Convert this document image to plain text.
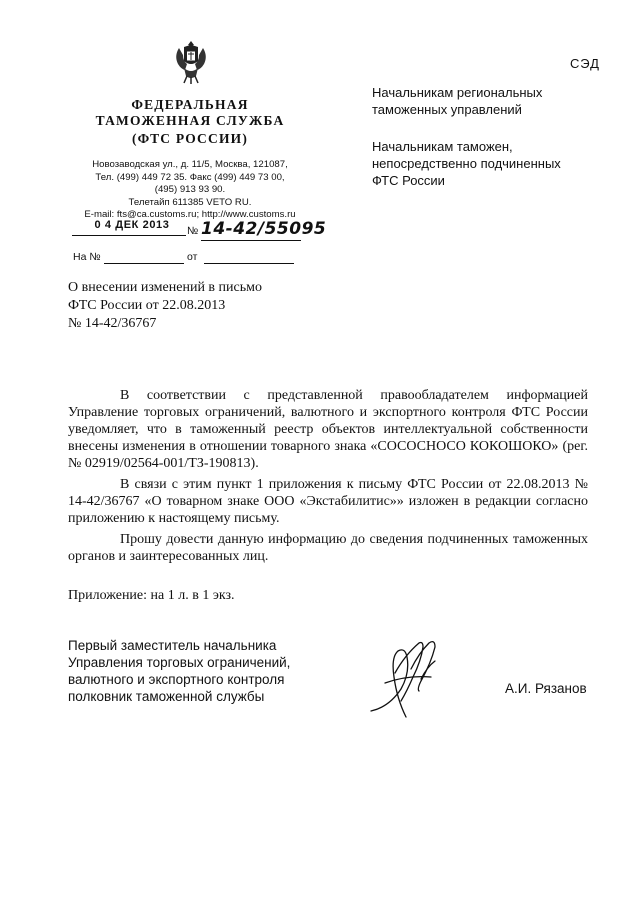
СЭД
ФЕДЕРАЛЬНАЯ
ТАМОЖЕННАЯ СЛУЖБА
(ФТС РОССИИ)
Новозаводская ул., д. 11/5, Москва, 121087,
Тел. (499) 449 72 35. Факс (499) 449 73 00,
(495) 913 93 90.
Телетайп 611385 VETO RU.
E-mail: fts@ca.customs.ru; http://www.customs.ru
0 4 ДЕК 2013	№ 14-42/55095
На №	от
Начальникам региональных
таможенных управлений
Начальникам таможен,
непосредственно подчиненных
ФТС России
О внесении изменений в письмо
ФТС России от 22.08.2013
№ 14-42/36767

В соответствии с представленной правообладателем информацией Управление торговых ограничений, валютного и экспортного контроля ФТС России уведомляет, что в таможенный реестр объектов интеллектуальной собственности внесены изменения в отношении товарного знака «СОСОСНОСО КОКОШОКО» (рег. № 02919/02564-001/ТЗ-190813).

В связи с этим пункт 1 приложения к письму ФТС России от 22.08.2013 № 14-42/36767 «О товарном знаке ООО «Экстабилитис»» изложен в редакции согласно приложению к настоящему письму.

Прошу довести данную информацию до сведения подчиненных таможенных органов и заинтересованных лиц.

Приложение: на 1 л. в 1 экз.
Первый заместитель начальника
Управления торговых ограничений,
валютного и экспортного контроля
полковник таможенной службы
А.И. Рязанов
